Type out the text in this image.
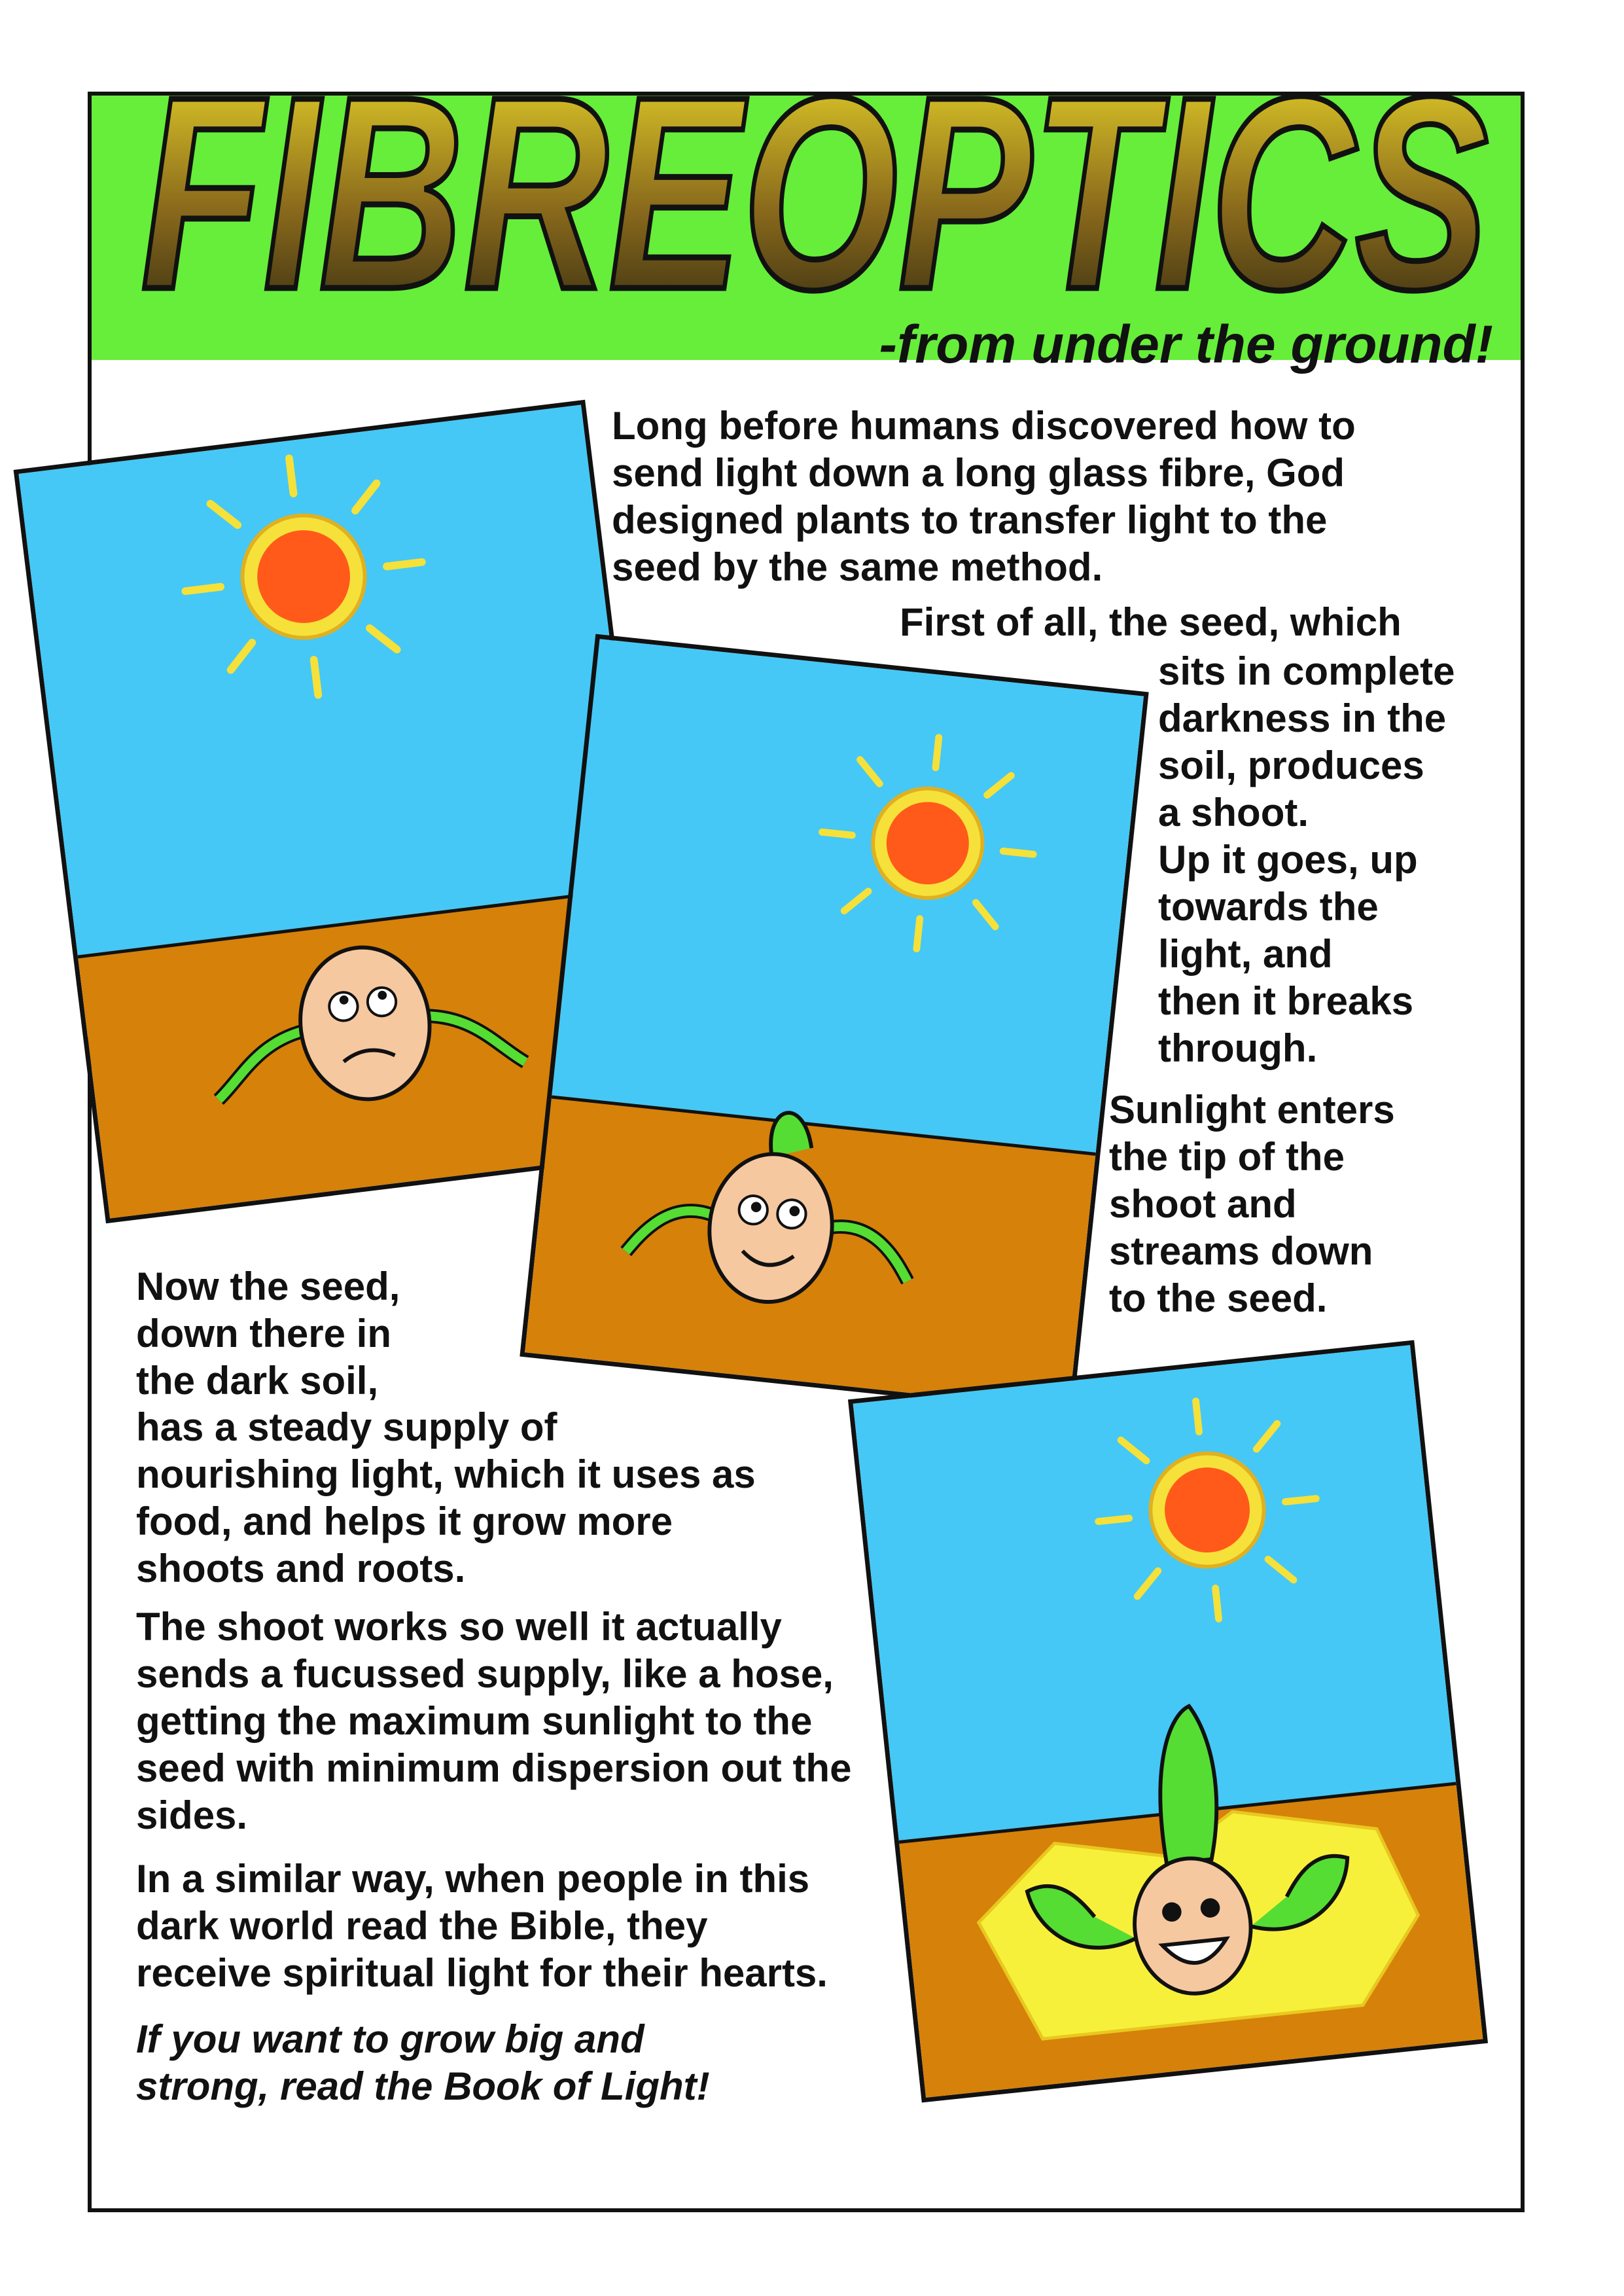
FIBREOPTICS
-from under the ground!
Long before humans discovered how to
send light down a long glass fibre, God
designed plants to transfer light to the
seed by the same method.
First of all, the seed, which
sits in complete
darkness in the
soil, produces
a shoot.
Up it goes, up
towards the
light, and
then it breaks
through.
Sunlight enters
the tip of the
shoot and
streams down
to the seed.
Now the seed,
down there in
the dark soil,
has a steady supply of
nourishing light, which it uses as
food, and helps it grow more
shoots and roots.
The shoot works so well it actually
sends a fucussed supply, like a hose,
getting the maximum sunlight to the
seed with minimum dispersion out the
sides.
In a similar way, when people in this
dark world read the Bible, they
receive spiritual light for their hearts.
If you want to grow big and
strong, read the Book of Light!
